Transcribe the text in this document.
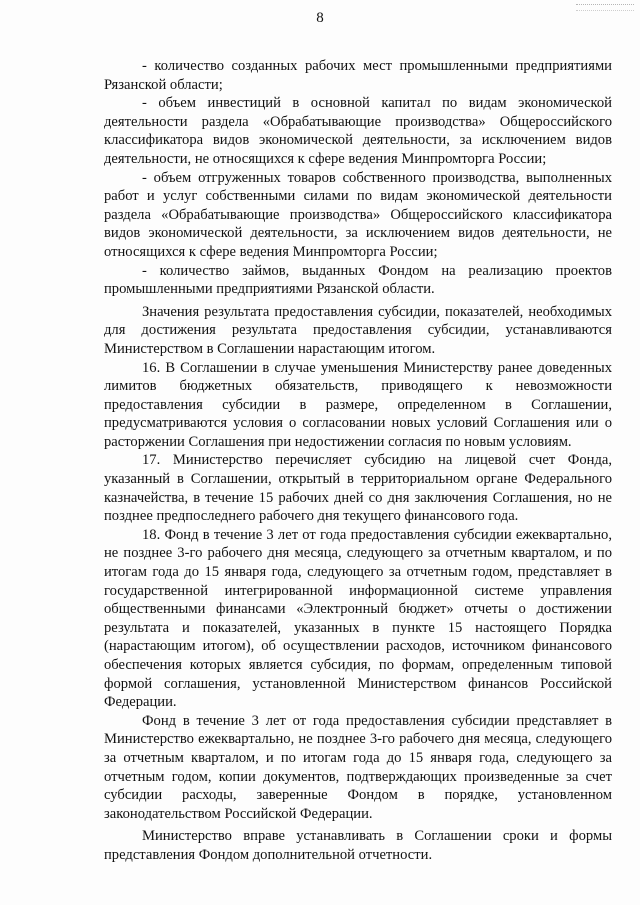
8

- количество созданных рабочих мест промышленными предприятиями Рязанской области;

- объем инвестиций в основной капитал по видам экономической деятельности раздела «Обрабатывающие производства» Общероссийского классификатора видов экономической деятельности, за исключением видов деятельности, не относящихся к сфере ведения Минпромторга России;

- объем отгруженных товаров собственного производства, выполненных работ и услуг собственными силами по видам экономической деятельности раздела «Обрабатывающие производства» Общероссийского классификатора видов экономической деятельности, за исключением видов деятельности, не относящихся к сфере ведения Минпромторга России;

- количество займов, выданных Фондом на реализацию проектов промышленными предприятиями Рязанской области.

Значения результата предоставления субсидии, показателей, необходимых для достижения результата предоставления субсидии, устанавливаются Министерством в Соглашении нарастающим итогом.

16. В Соглашении в случае уменьшения Министерству ранее доведенных лимитов бюджетных обязательств, приводящего к невозможности предоставления субсидии в размере, определенном в Соглашении, предусматриваются условия о согласовании новых условий Соглашения или о расторжении Соглашения при недостижении согласия по новым условиям.

17. Министерство перечисляет субсидию на лицевой счет Фонда, указанный в Соглашении, открытый в территориальном органе Федерального казначейства, в течение 15 рабочих дней со дня заключения Соглашения, но не позднее предпоследнего рабочего дня текущего финансового года.

18. Фонд в течение 3 лет от года предоставления субсидии ежеквартально, не позднее 3-го рабочего дня месяца, следующего за отчетным кварталом, и по итогам года до 15 января года, следующего за отчетным годом, представляет в государственной интегрированной информационной системе управления общественными финансами «Электронный бюджет» отчеты о достижении результата и показателей, указанных в пункте 15 настоящего Порядка (нарастающим итогом), об осуществлении расходов, источником финансового обеспечения которых является субсидия, по формам, определенным типовой формой соглашения, установленной Министерством финансов Российской Федерации.

Фонд в течение 3 лет от года предоставления субсидии представляет в Министерство ежеквартально, не позднее 3-го рабочего дня месяца, следующего за отчетным кварталом, и по итогам года до 15 января года, следующего за отчетным годом, копии документов, подтверждающих произведенные за счет субсидии расходы, заверенные Фондом в порядке, установленном законодательством Российской Федерации.

Министерство вправе устанавливать в Соглашении сроки и формы представления Фондом дополнительной отчетности.
